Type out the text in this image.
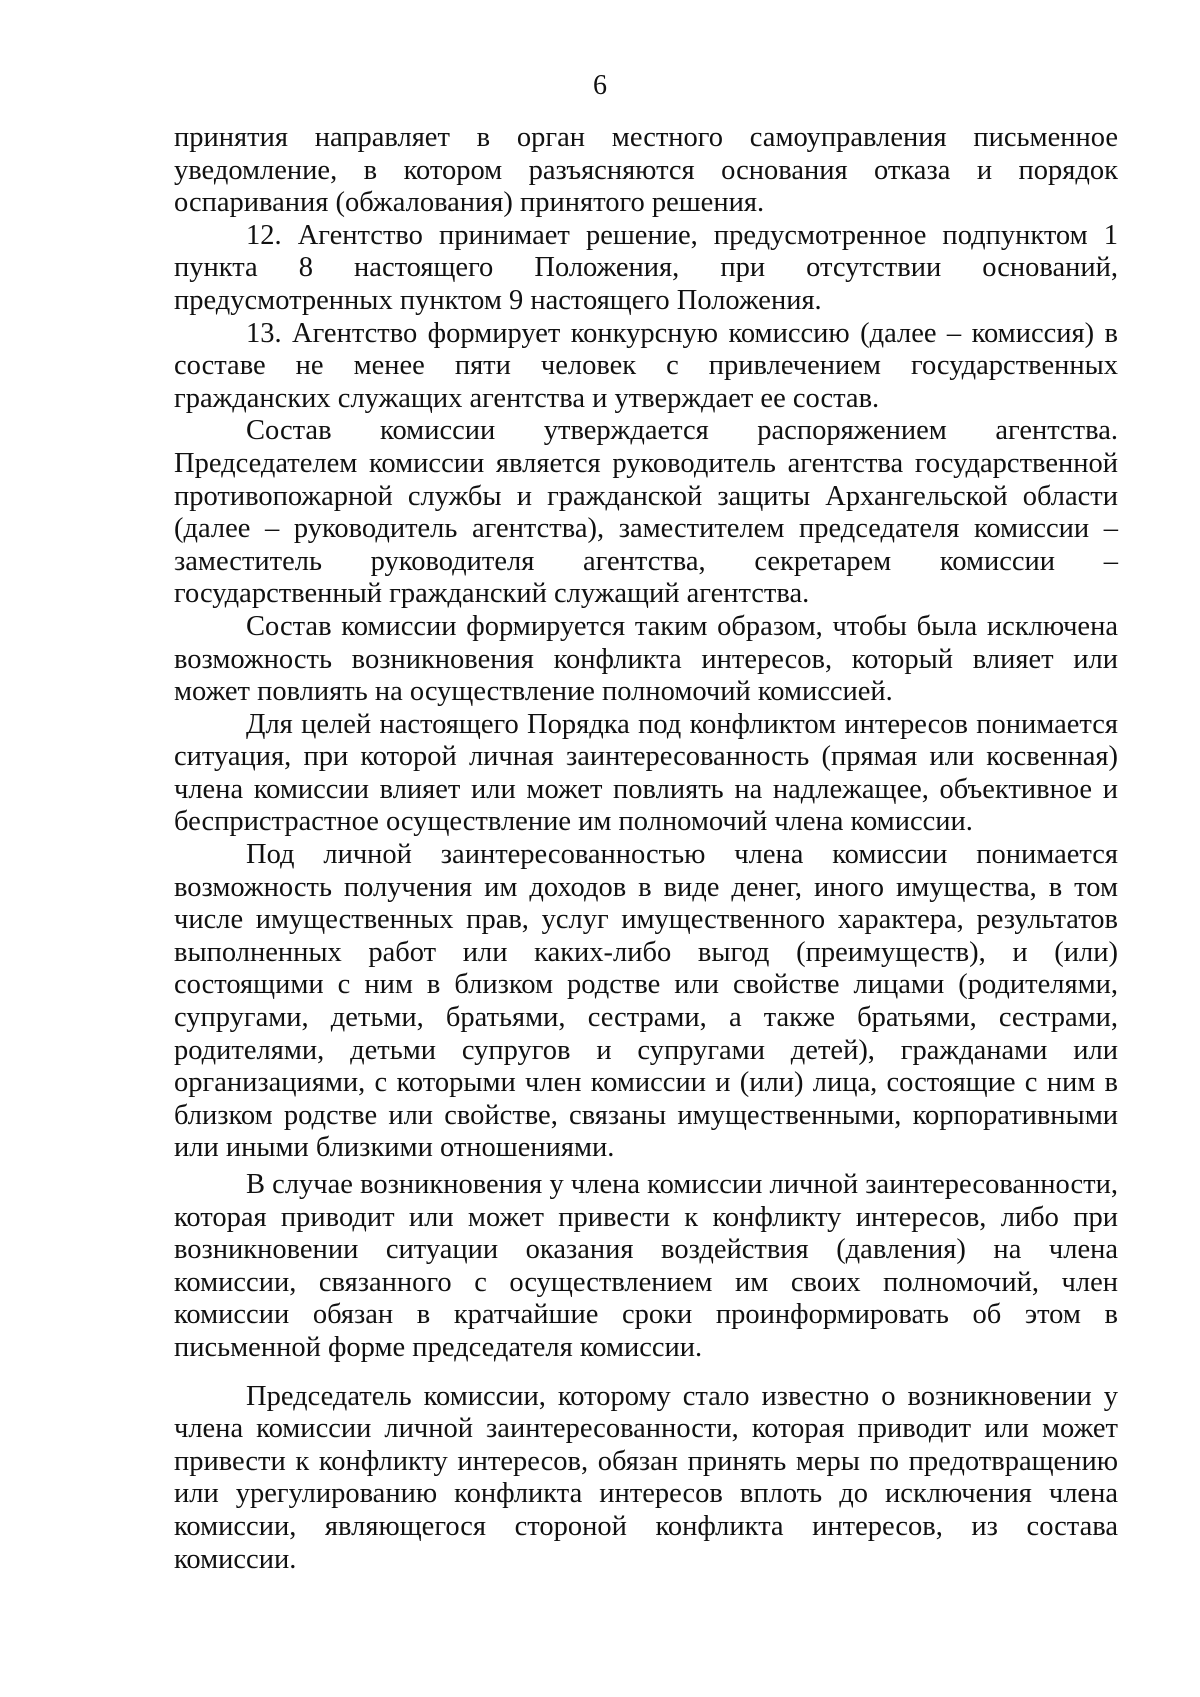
6

принятия направляет в орган местного самоуправления письменное уведомление, в котором разъясняются основания отказа и порядок оспаривания (обжалования) принятого решения.

12. Агентство принимает решение, предусмотренное подпунктом 1 пункта 8 настоящего Положения, при отсутствии оснований, предусмотренных пунктом 9 настоящего Положения.

13. Агентство формирует конкурсную комиссию (далее – комиссия) в составе не менее пяти человек с привлечением государственных гражданских служащих агентства и утверждает ее состав.

Состав комиссии утверждается распоряжением агентства. Председателем комиссии является руководитель агентства государственной противопожарной службы и гражданской защиты Архангельской области (далее – руководитель агентства), заместителем председателя комиссии – заместитель руководителя агентства, секретарем комиссии – государственный гражданский служащий агентства.

Состав комиссии формируется таким образом, чтобы была исключена возможность возникновения конфликта интересов, который влияет или может повлиять на осуществление полномочий комиссией.

Для целей настоящего Порядка под конфликтом интересов понимается ситуация, при которой личная заинтересованность (прямая или косвенная) члена комиссии влияет или может повлиять на надлежащее, объективное и беспристрастное осуществление им полномочий члена комиссии.

Под личной заинтересованностью члена комиссии понимается возможность получения им доходов в виде денег, иного имущества, в том числе имущественных прав, услуг имущественного характера, результатов выполненных работ или каких-либо выгод (преимуществ), и (или) состоящими с ним в близком родстве или свойстве лицами (родителями, супругами, детьми, братьями, сестрами, а также братьями, сестрами, родителями, детьми супругов и супругами детей), гражданами или организациями, с которыми член комиссии и (или) лица, состоящие с ним в близком родстве или свойстве, связаны имущественными, корпоративными или иными близкими отношениями.

В случае возникновения у члена комиссии личной заинтересованности, которая приводит или может привести к конфликту интересов, либо при возникновении ситуации оказания воздействия (давления) на члена комиссии, связанного с осуществлением им своих полномочий, член комиссии обязан в кратчайшие сроки проинформировать об этом в письменной форме председателя комиссии.

Председатель комиссии, которому стало известно о возникновении у члена комиссии личной заинтересованности, которая приводит или может привести к конфликту интересов, обязан принять меры по предотвращению или урегулированию конфликта интересов вплоть до исключения члена комиссии, являющегося стороной конфликта интересов, из состава комиссии.
